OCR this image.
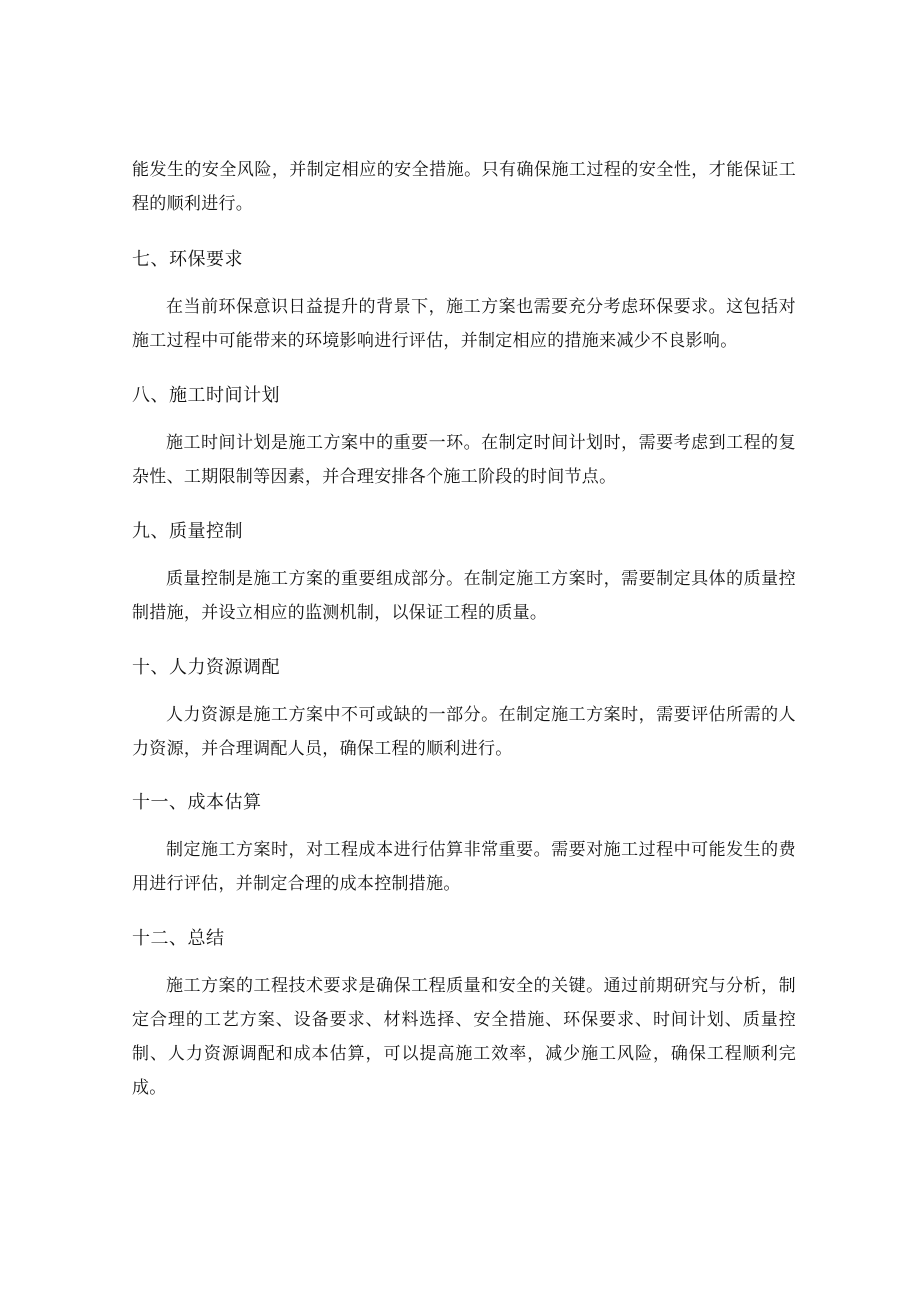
能发生的安全风险，并制定相应的安全措施。只有确保施工过程的安全性，才能保证工程的顺利进行。

七、环保要求

在当前环保意识日益提升的背景下，施工方案也需要充分考虑环保要求。这包括对施工过程中可能带来的环境影响进行评估，并制定相应的措施来减少不良影响。

八、施工时间计划

施工时间计划是施工方案中的重要一环。在制定时间计划时，需要考虑到工程的复杂性、工期限制等因素，并合理安排各个施工阶段的时间节点。

九、质量控制

质量控制是施工方案的重要组成部分。在制定施工方案时，需要制定具体的质量控制措施，并设立相应的监测机制，以保证工程的质量。

十、人力资源调配

人力资源是施工方案中不可或缺的一部分。在制定施工方案时，需要评估所需的人力资源，并合理调配人员，确保工程的顺利进行。

十一、成本估算

制定施工方案时，对工程成本进行估算非常重要。需要对施工过程中可能发生的费用进行评估，并制定合理的成本控制措施。

十二、总结

施工方案的工程技术要求是确保工程质量和安全的关键。通过前期研究与分析，制定合理的工艺方案、设备要求、材料选择、安全措施、环保要求、时间计划、质量控制、人力资源调配和成本估算，可以提高施工效率，减少施工风险，确保工程顺利完成。
